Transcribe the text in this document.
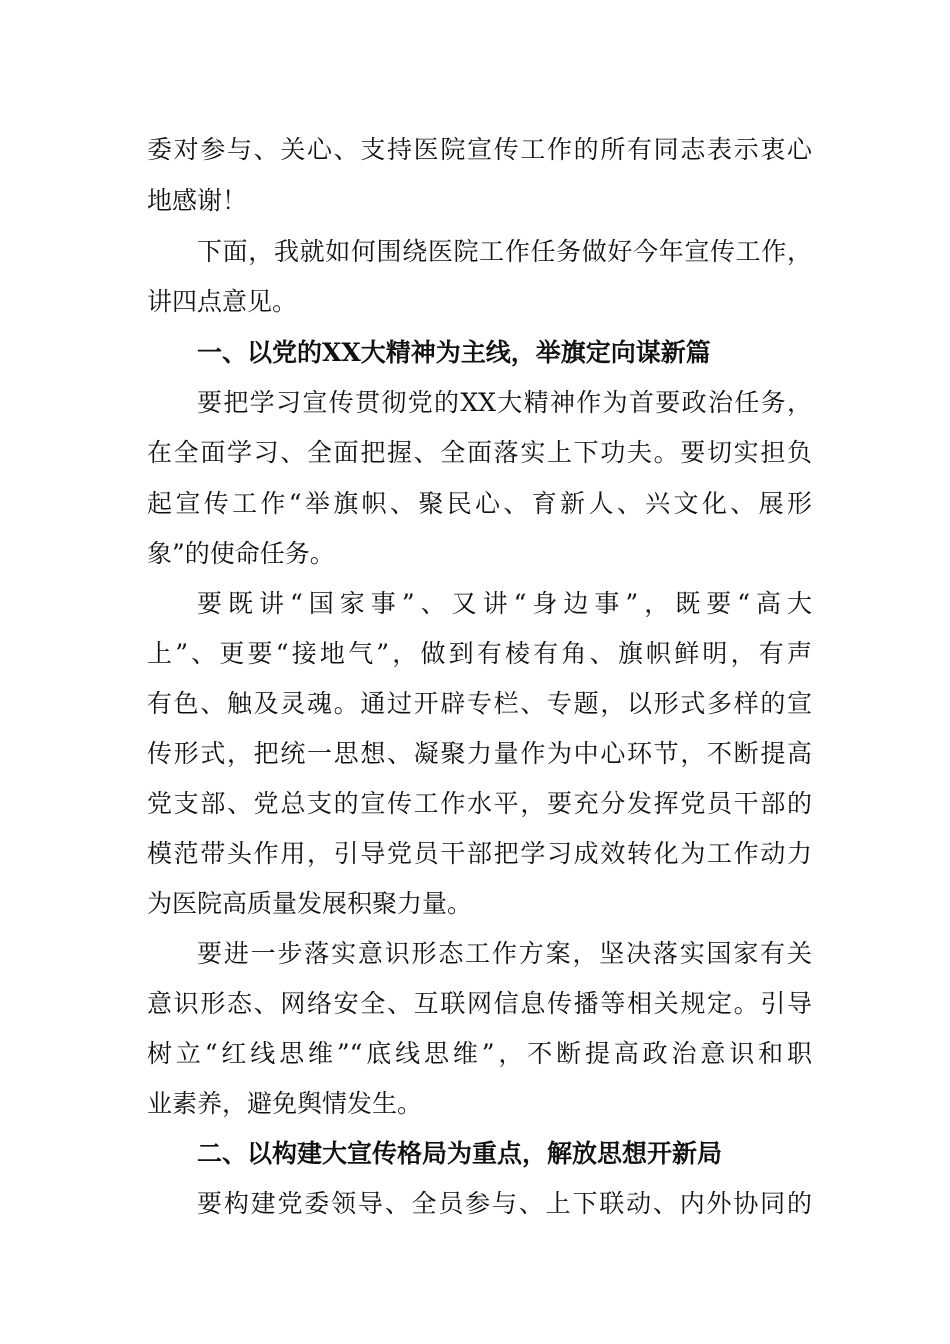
委对参与、关心、支持医院宣传工作的所有同志表示衷心
地感谢！
下面，我就如何围绕医院工作任务做好今年宣传工作，
讲四点意见。
一、以党的XX大精神为主线，举旗定向谋新篇
要把学习宣传贯彻党的XX大精神作为首要政治任务，
在全面学习、全面把握、全面落实上下功夫。要切实担负
起宣传工作“举旗帜、聚民心、育新人、兴文化、展形
象”的使命任务。
要既讲“国家事”、又讲“身边事”，既要“高大
上”、更要“接地气”，做到有棱有角、旗帜鲜明，有声
有色、触及灵魂。通过开辟专栏、专题，以形式多样的宣
传形式，把统一思想、凝聚力量作为中心环节，不断提高
党支部、党总支的宣传工作水平，要充分发挥党员干部的
模范带头作用，引导党员干部把学习成效转化为工作动力
为医院高质量发展积聚力量。
要进一步落实意识形态工作方案，坚决落实国家有关
意识形态、网络安全、互联网信息传播等相关规定。引导
树立“红线思维”“底线思维”，不断提高政治意识和职
业素养，避免舆情发生。
二、以构建大宣传格局为重点，解放思想开新局
要构建党委领导、全员参与、上下联动、内外协同的
